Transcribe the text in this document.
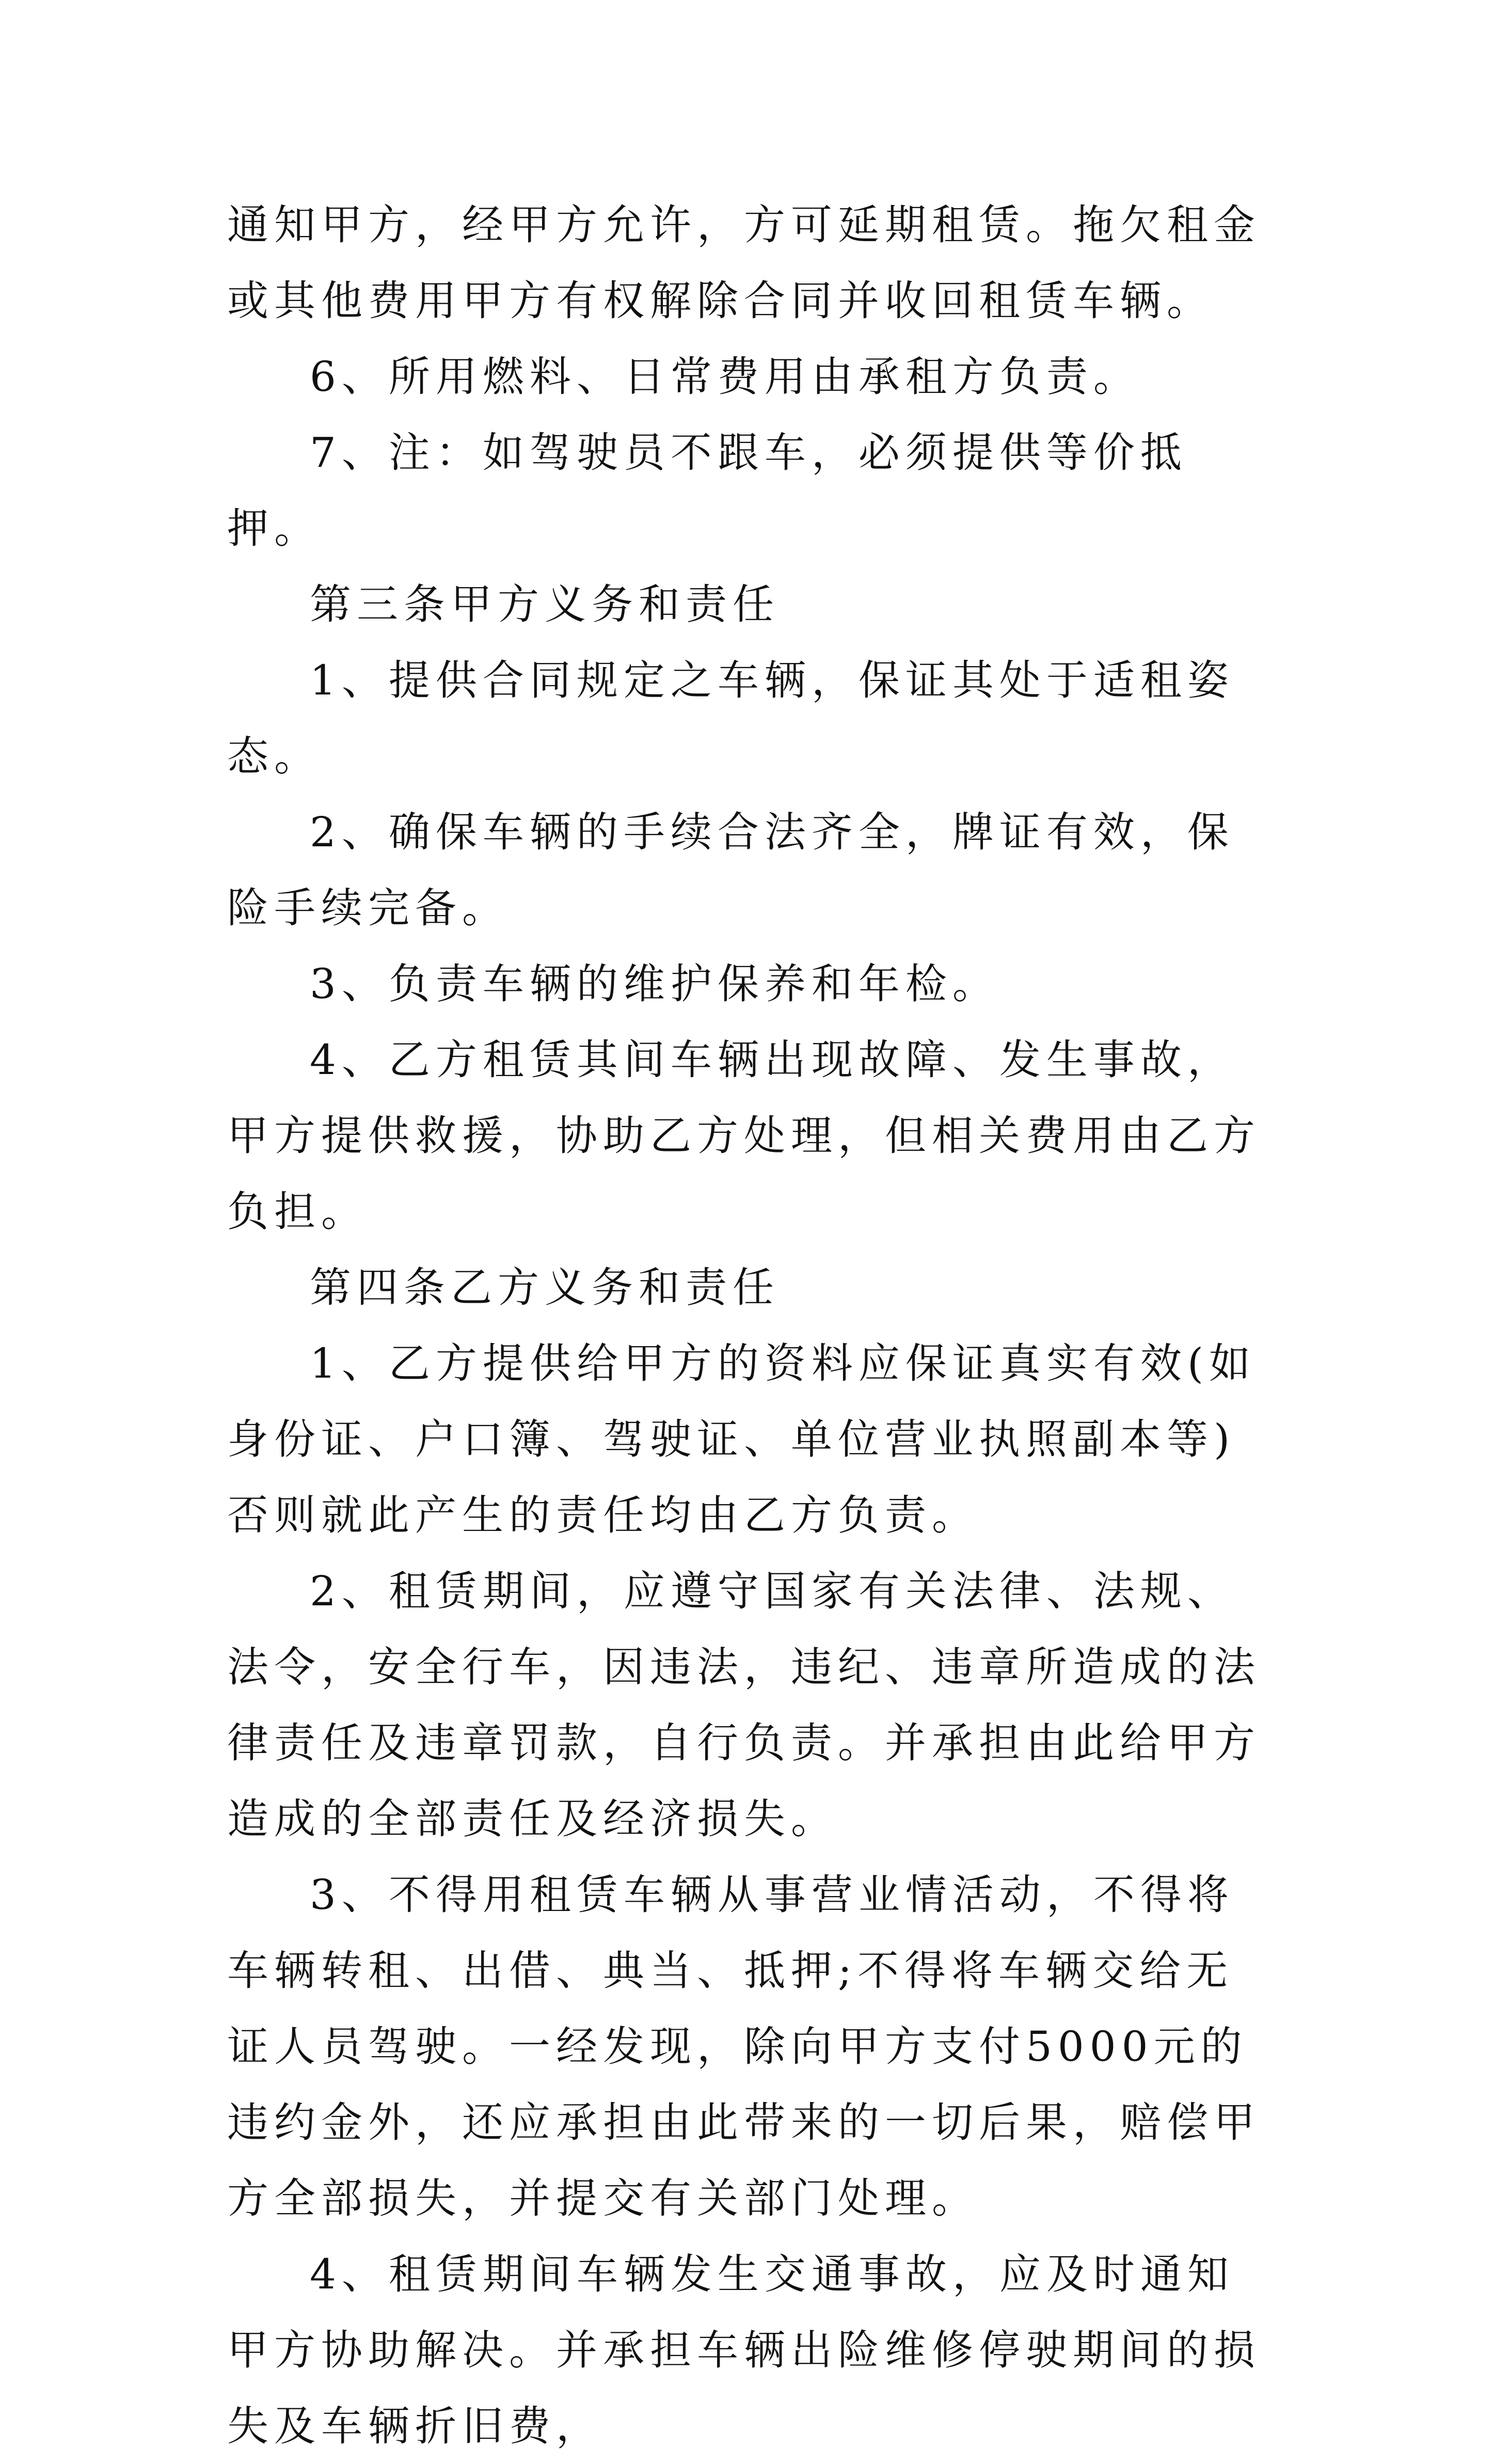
通知甲方，经甲方允许，方可延期租赁。拖欠租金或其他费用甲方有权解除合同并收回租赁车辆。

6、所用燃料、日常费用由承租方负责。

7、注：如驾驶员不跟车，必须提供等价抵押。

第三条甲方义务和责任

1、提供合同规定之车辆，保证其处于适租姿态。

2、确保车辆的手续合法齐全，牌证有效，保险手续完备。

3、负责车辆的维护保养和年检。

4、乙方租赁其间车辆出现故障、发生事故，甲方提供救援，协助乙方处理，但相关费用由乙方负担。

第四条乙方义务和责任

1、乙方提供给甲方的资料应保证真实有效(如身份证、户口簿、驾驶证、单位营业执照副本等)否则就此产生的责任均由乙方负责。

2、租赁期间，应遵守国家有关法律、法规、法令，安全行车，因违法，违纪、违章所造成的法律责任及违章罚款，自行负责。并承担由此给甲方造成的全部责任及经济损失。

3、不得用租赁车辆从事营业情活动，不得将车辆转租、出借、典当、抵押;不得将车辆交给无证人员驾驶。一经发现，除向甲方支付5000元的违约金外，还应承担由此带来的一切后果，赔偿甲方全部损失，并提交有关部门处理。

4、租赁期间车辆发生交通事故，应及时通知甲方协助解决。并承担车辆出险维修停驶期间的损失及车辆折旧费，
